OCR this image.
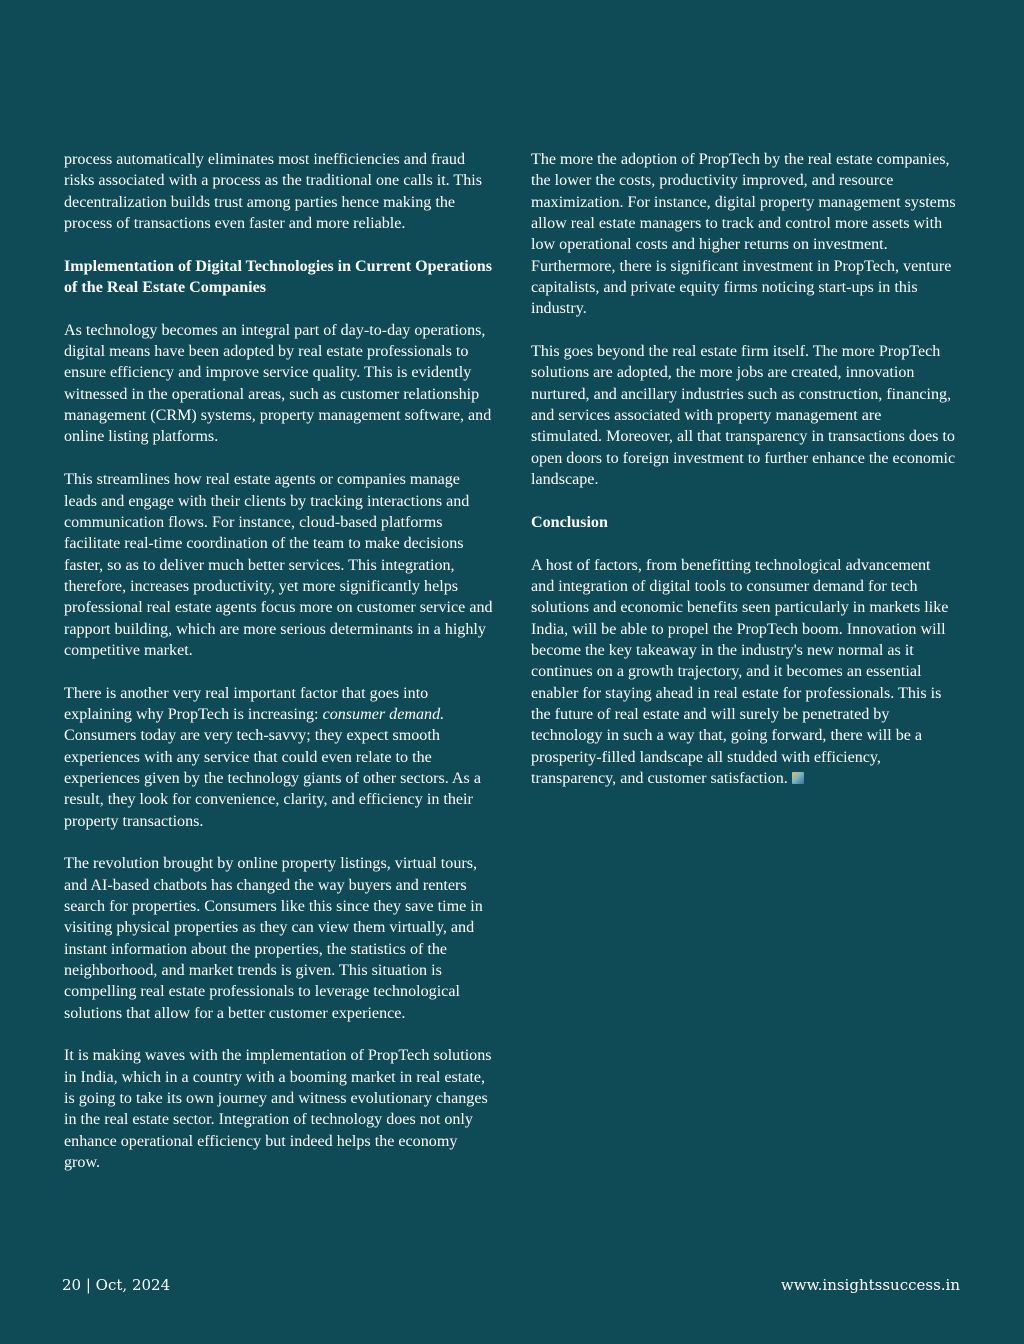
process automatically eliminates most inefficiencies and fraud risks associated with a process as the traditional one calls it. This decentralization builds trust among parties hence making the process of transactions even faster and more reliable.

Implementation of Digital Technologies in Current Operations of the Real Estate Companies

As technology becomes an integral part of day-to-day operations, digital means have been adopted by real estate professionals to ensure efficiency and improve service quality. This is evidently witnessed in the operational areas, such as customer relationship management (CRM) systems, property management software, and online listing platforms.

This streamlines how real estate agents or companies manage leads and engage with their clients by tracking interactions and communication flows. For instance, cloud-based platforms facilitate real-time coordination of the team to make decisions faster, so as to deliver much better services. This integration, therefore, increases productivity, yet more significantly helps professional real estate agents focus more on customer service and rapport building, which are more serious determinants in a highly competitive market.

There is another very real important factor that goes into explaining why PropTech is increasing: consumer demand. Consumers today are very tech-savvy; they expect smooth experiences with any service that could even relate to the experiences given by the technology giants of other sectors. As a result, they look for convenience, clarity, and efficiency in their property transactions.

The revolution brought by online property listings, virtual tours, and AI-based chatbots has changed the way buyers and renters search for properties. Consumers like this since they save time in visiting physical properties as they can view them virtually, and instant information about the properties, the statistics of the neighborhood, and market trends is given. This situation is compelling real estate professionals to leverage technological solutions that allow for a better customer experience.

It is making waves with the implementation of PropTech solutions in India, which in a country with a booming market in real estate, is going to take its own journey and witness evolutionary changes in the real estate sector. Integration of technology does not only enhance operational efficiency but indeed helps the economy grow.

The more the adoption of PropTech by the real estate companies, the lower the costs, productivity improved, and resource maximization. For instance, digital property management systems allow real estate managers to track and control more assets with low operational costs and higher returns on investment. Furthermore, there is significant investment in PropTech, venture capitalists, and private equity firms noticing start-ups in this industry.

This goes beyond the real estate firm itself. The more PropTech solutions are adopted, the more jobs are created, innovation nurtured, and ancillary industries such as construction, financing, and services associated with property management are stimulated. Moreover, all that transparency in transactions does to open doors to foreign investment to further enhance the economic landscape.

Conclusion

A host of factors, from benefitting technological advancement and integration of digital tools to consumer demand for tech solutions and economic benefits seen particularly in markets like India, will be able to propel the PropTech boom. Innovation will become the key takeaway in the industry's new normal as it continues on a growth trajectory, and it becomes an essential enabler for staying ahead in real estate for professionals. This is the future of real estate and will surely be penetrated by technology in such a way that, going forward, there will be a prosperity-filled landscape all studded with efficiency, transparency, and customer satisfaction.

20 | Oct, 2024	www.insightssuccess.in
